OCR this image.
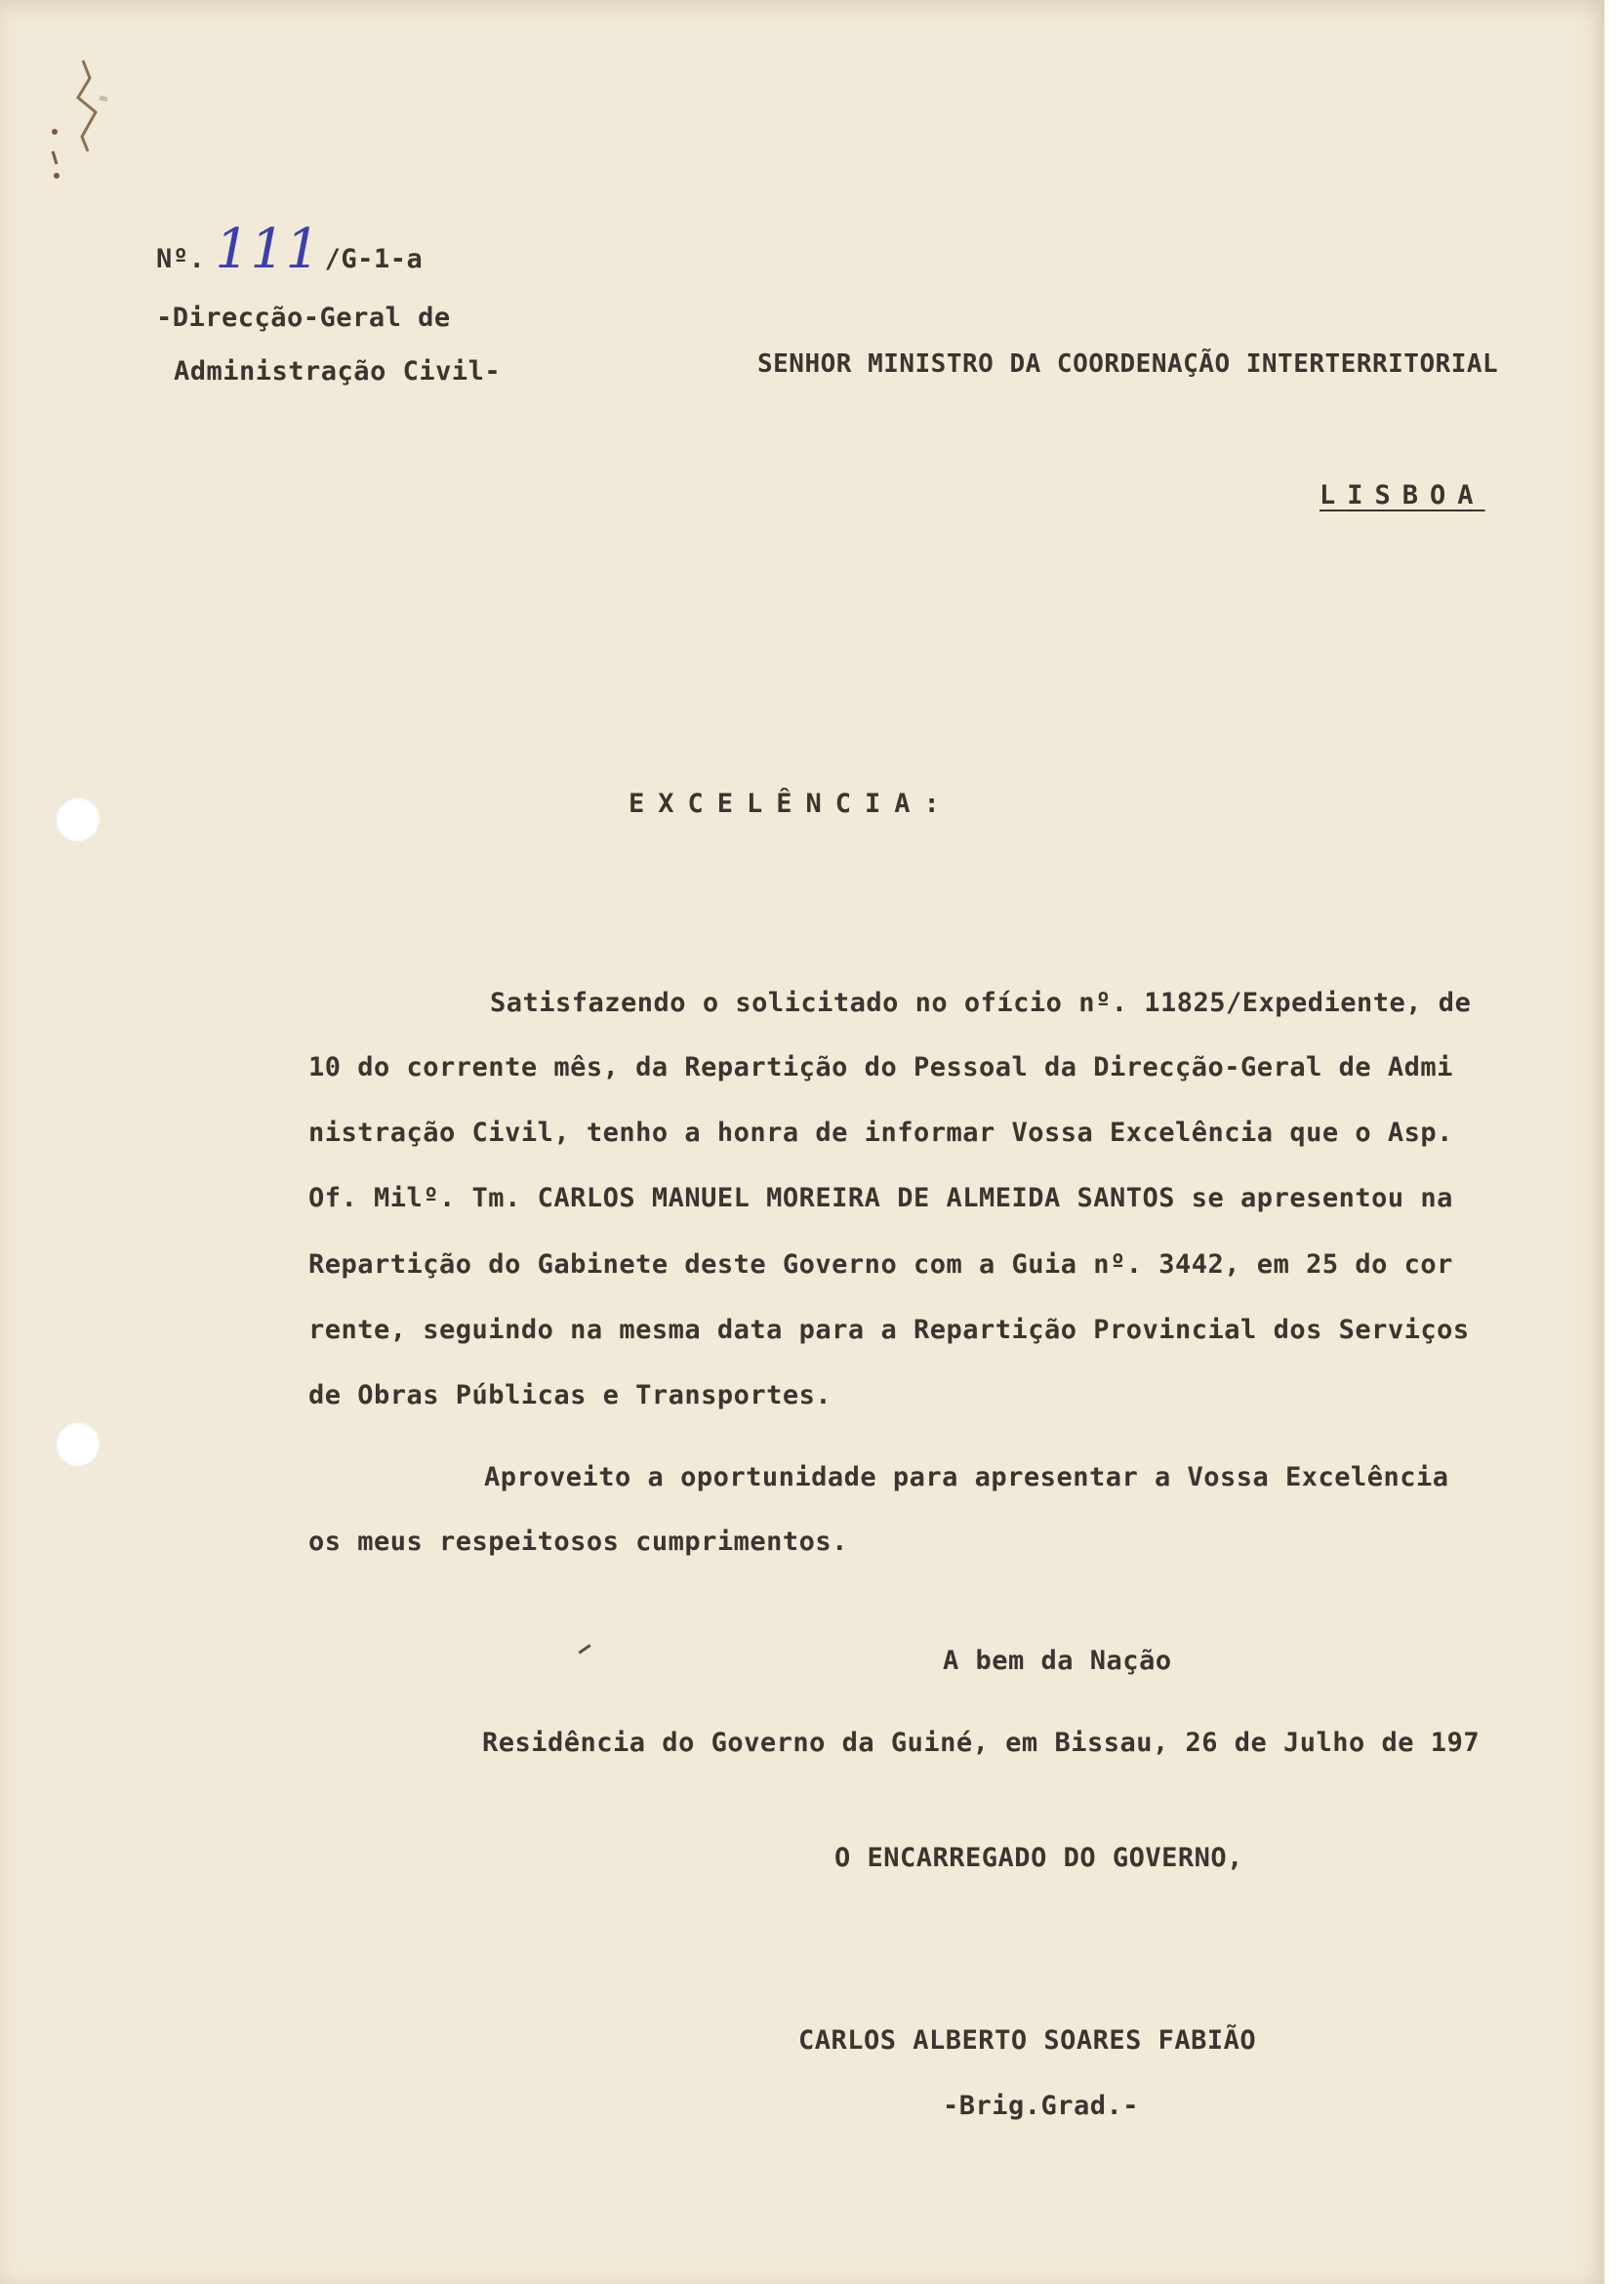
Nº. 111 /G-1-a
-Direcção-Geral de
Administração Civil-	SENHOR MINISTRO DA COORDENAÇÃO INTERTERRITORIAL
LISBOA
EXCELÊNCIA:
Satisfazendo o solicitado no ofício nº. 11825/Expediente, de
10 do corrente mês, da Repartição do Pessoal da Direcção-Geral de Admi
nistração Civil, tenho a honra de informar Vossa Excelência que o Asp.
Of. Milº. Tm. CARLOS MANUEL MOREIRA DE ALMEIDA SANTOS se apresentou na
Repartição do Gabinete deste Governo com a Guia nº. 3442, em 25 do cor
rente, seguindo na mesma data para a Repartição Provincial dos Serviços
de Obras Públicas e Transportes.
Aproveito a oportunidade para apresentar a Vossa Excelência
os meus respeitosos cumprimentos.
A bem da Nação
Residência do Governo da Guiné, em Bissau, 26 de Julho de 197
O ENCARREGADO DO GOVERNO,
CARLOS ALBERTO SOARES FABIÃO
-Brig.Grad.-
